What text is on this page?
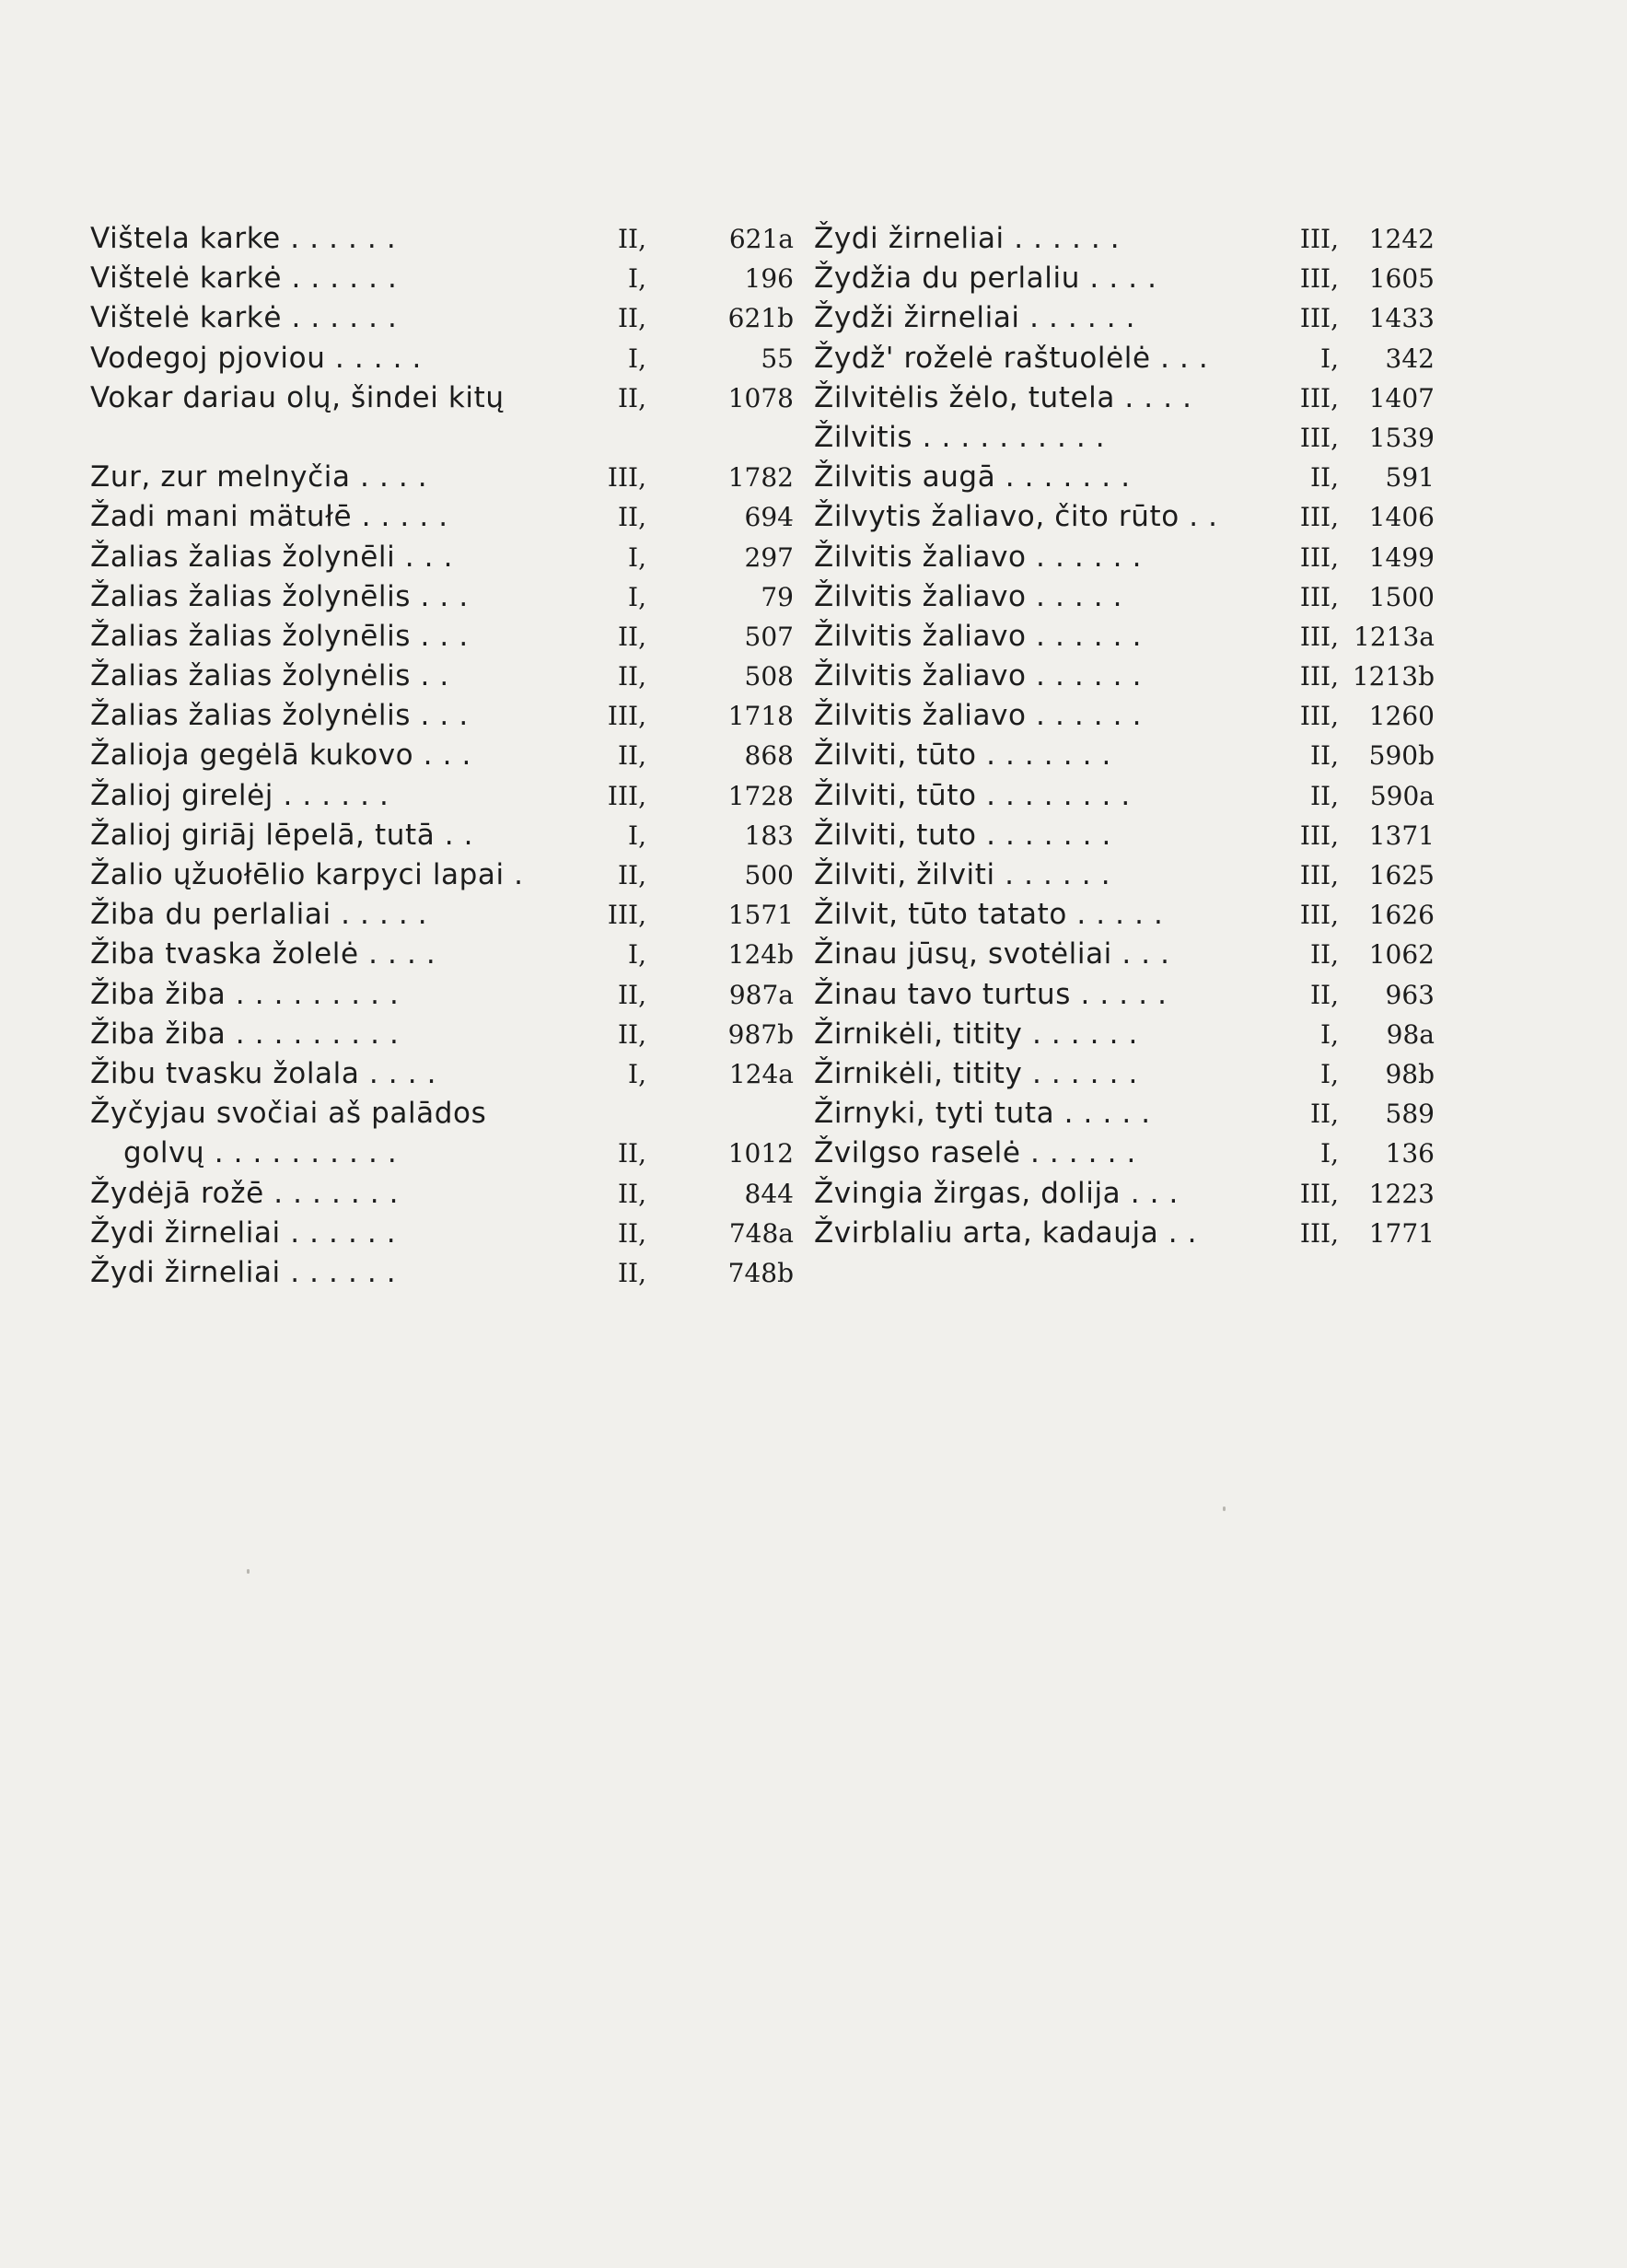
Vištela karke . . . . . .	II,	621a
Vištelė karkė . . . . . .	I,	196
Vištelė karkė . . . . . .	II,	621b
Vodegoj pjoviou . . . . .	I,	55
Vokar dariau olų, šindei kitų	II,	1078
Zur, zur melnyčia . . . .	III,	1782
Žadi mani mätułē . . . . .	II,	694
Žalias žalias žolynēli . . .	I,	297
Žalias žalias žolynēlis . . .	I,	79
Žalias žalias žolynēlis . . .	II,	507
Žalias žalias žolynėlis . .	II,	508
Žalias žalias žolynėlis . . .	III,	1718
Žalioja gegėlā kukovo . . .	II,	868
Žalioj girelėj . . . . . .	III,	1728
Žalioj giriāj lēpelā, tutā . .	I,	183
Žalio ųžuołēlio karpyci lapai .	II,	500
Žiba du perlaliai . . . . .	III,	1571
Žiba tvaska žolelė . . . .	I,	124b
Žiba žiba . . . . . . . . .	II,	987a
Žiba žiba . . . . . . . . .	II,	987b
Žibu tvasku žolala . . . .	I,	124a
Žyčyjau svočiai aš palādos
golvų . . . . . . . . . .	II,	1012
Žydėjā rožē . . . . . . .	II,	844
Žydi žirneliai . . . . . .	II,	748a
Žydi žirneliai . . . . . .	II,	748b
Žydi žirneliai . . . . . .	III,	1242
Žydžia du perlaliu . . . .	III,	1605
Žydži žirneliai . . . . . .	III,	1433
Žydž' roželė raštuolėlė . . .	I,	342
Žilvitėlis žėlo, tutela . . . .	III,	1407
Žilvitis . . . . . . . . . .	III,	1539
Žilvitis augā . . . . . . .	II,	591
Žilvytis žaliavo, čito rūto . .	III,	1406
Žilvitis žaliavo . . . . . .	III,	1499
Žilvitis žaliavo . . . . .	III,	1500
Žilvitis žaliavo . . . . . .	III, 1213a
Žilvitis žaliavo . . . . . .	III, 1213b
Žilvitis žaliavo . . . . . .	III,	1260
Žilviti, tūto . . . . . . .	II,	590b
Žilviti, tūto . . . . . . . .	II,	590a
Žilviti, tuto . . . . . . .	III,	1371
Žilviti, žilviti . . . . . .	III,	1625
Žilvit, tūto tatato . . . . .	III,	1626
Žinau jūsų, svotėliai . . .	II,	1062
Žinau tavo turtus . . . . .	II,	963
Žirnikėli, titity . . . . . .	I,	98a
Žirnikėli, titity . . . . . .	I,	98b
Žirnyki, tyti tuta . . . . .	II,	589
Žvilgso raselė . . . . . .	I,	136
Žvingia žirgas, dolija . . .	III,	1223
Žvirblaliu arta, kadauja . .	III,	1771
